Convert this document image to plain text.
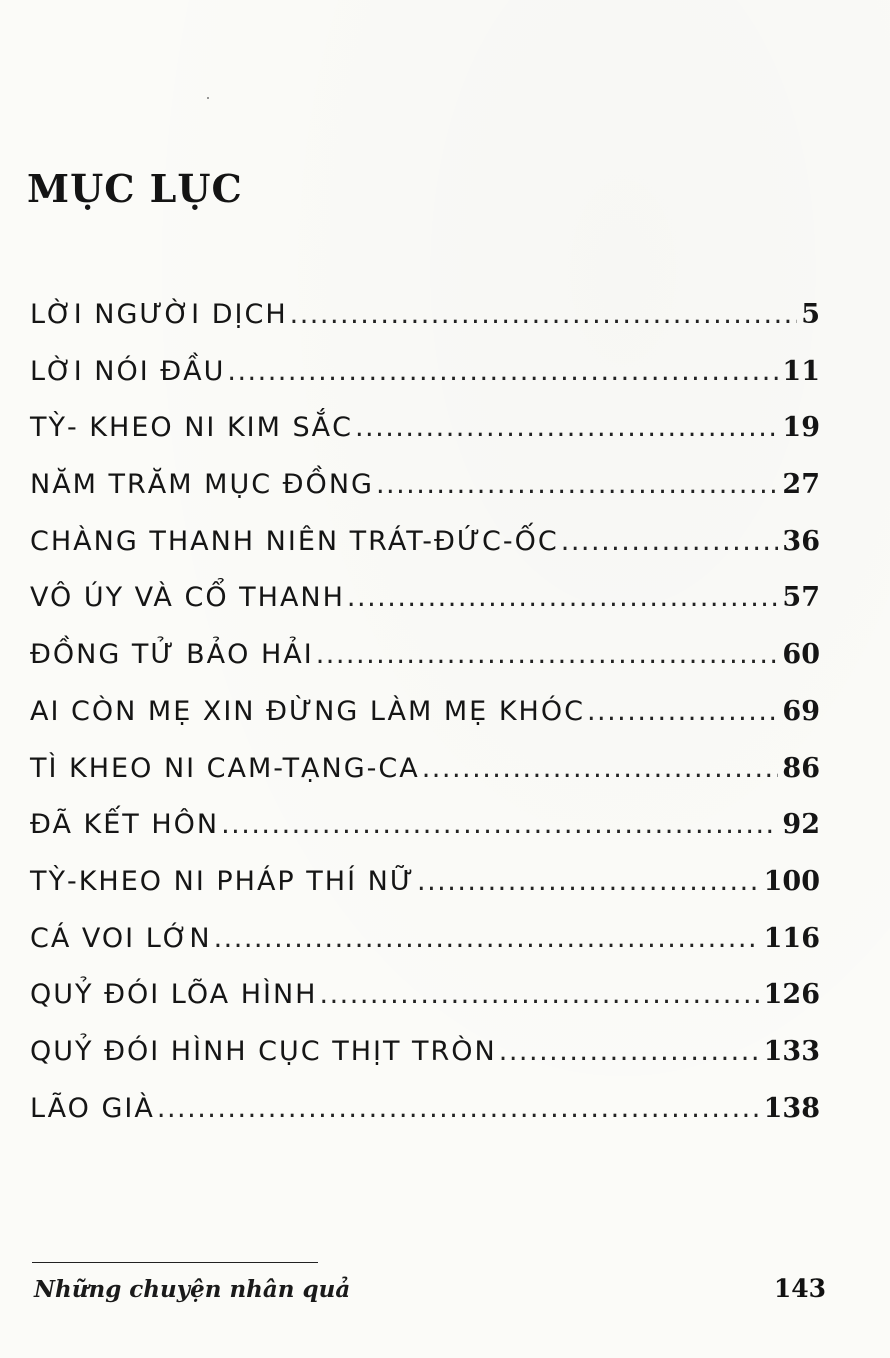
MỤC LỤC
LỜI NGƯỜI DỊCH .....	5
LỜI NÓI ĐẦU .....	11
TỲ- KHEO NI KIM SẮC .....	19
NĂM TRĂM MỤC ĐỒNG .....	27
CHÀNG THANH NIÊN TRÁT-ĐỨC-ỐC .....	36
VÔ ÚY VÀ CỔ THANH .....	57
ĐỒNG TỬ BẢO HẢI .....	60
AI CÒN MẸ XIN ĐỪNG LÀM MẸ KHÓC .....	69
TÌ KHEO NI CAM-TẠNG-CA .....	86
ĐÃ KẾT HÔN .....	92
TỲ-KHEO NI PHÁP THÍ NỮ .....	100
CÁ VOI LỚN .....	116
QUỶ ĐÓI LÕA HÌNH .....	126
QUỶ ĐÓI HÌNH CỤC THỊT TRÒN .....	133
LÃO GIÀ .....	138
Những chuyện nhân quả	143
